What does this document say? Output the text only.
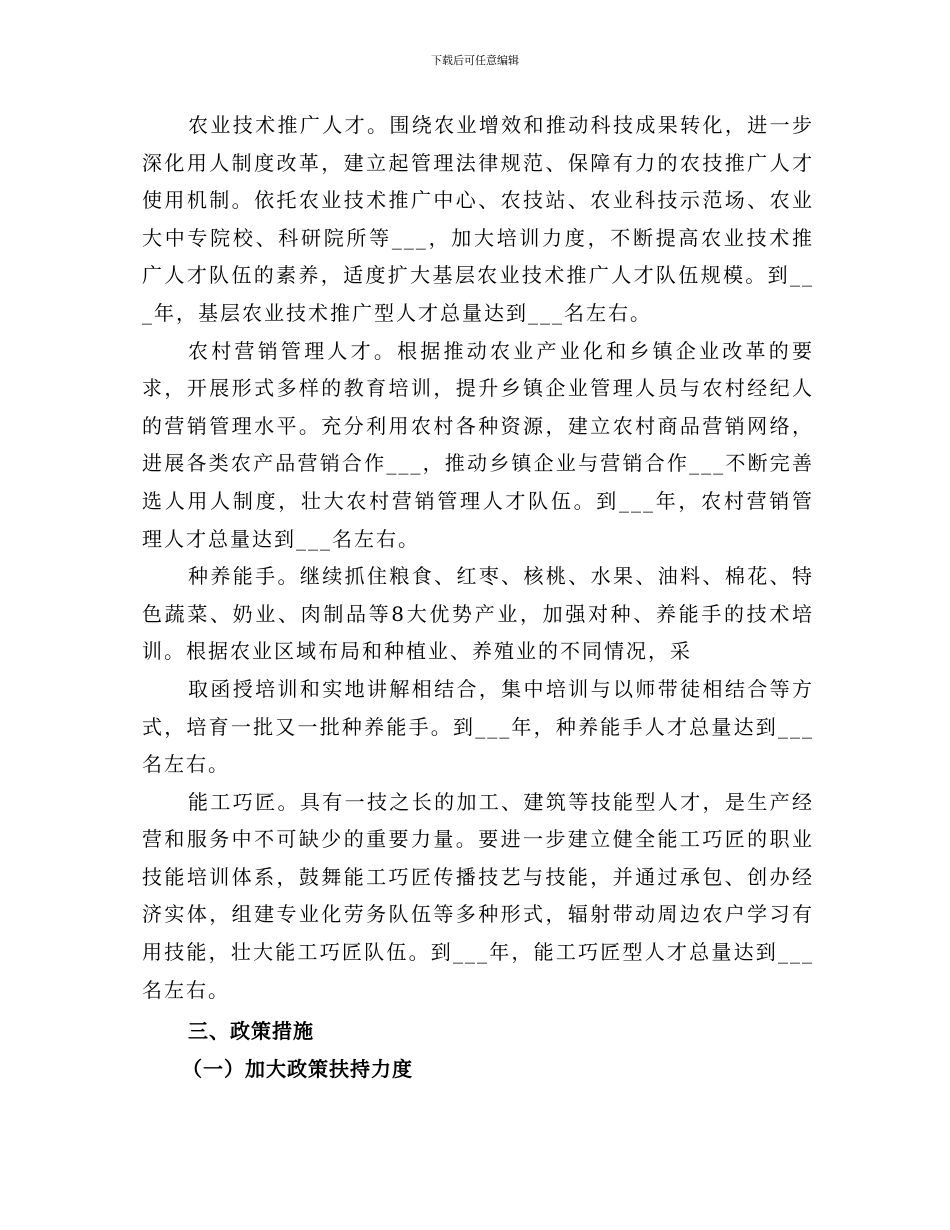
下载后可任意编辑

农业技术推广人才。围绕农业增效和推动科技成果转化，进一步深化用人制度改革，建立起管理法律规范、保障有力的农技推广人才使用机制。依托农业技术推广中心、农技站、农业科技示范场、农业大中专院校、科研院所等___，加大培训力度，不断提高农业技术推广人才队伍的素养，适度扩大基层农业技术推广人才队伍规模。到___年，基层农业技术推广型人才总量达到___名左右。

农村营销管理人才。根据推动农业产业化和乡镇企业改革的要求，开展形式多样的教育培训，提升乡镇企业管理人员与农村经纪人的营销管理水平。充分利用农村各种资源，建立农村商品营销网络，进展各类农产品营销合作___，推动乡镇企业与营销合作___不断完善选人用人制度，壮大农村营销管理人才队伍。到___年，农村营销管理人才总量达到___名左右。

种养能手。继续抓住粮食、红枣、核桃、水果、油料、棉花、特色蔬菜、奶业、肉制品等8大优势产业，加强对种、养能手的技术培训。根据农业区域布局和种植业、养殖业的不同情况，采

取函授培训和实地讲解相结合，集中培训与以师带徒相结合等方式，培育一批又一批种养能手。到___年，种养能手人才总量达到___名左右。

能工巧匠。具有一技之长的加工、建筑等技能型人才，是生产经营和服务中不可缺少的重要力量。要进一步建立健全能工巧匠的职业技能培训体系，鼓舞能工巧匠传播技艺与技能，并通过承包、创办经济实体，组建专业化劳务队伍等多种形式，辐射带动周边农户学习有用技能，壮大能工巧匠队伍。到___年，能工巧匠型人才总量达到___名左右。

三、政策措施
（一）加大政策扶持力度
